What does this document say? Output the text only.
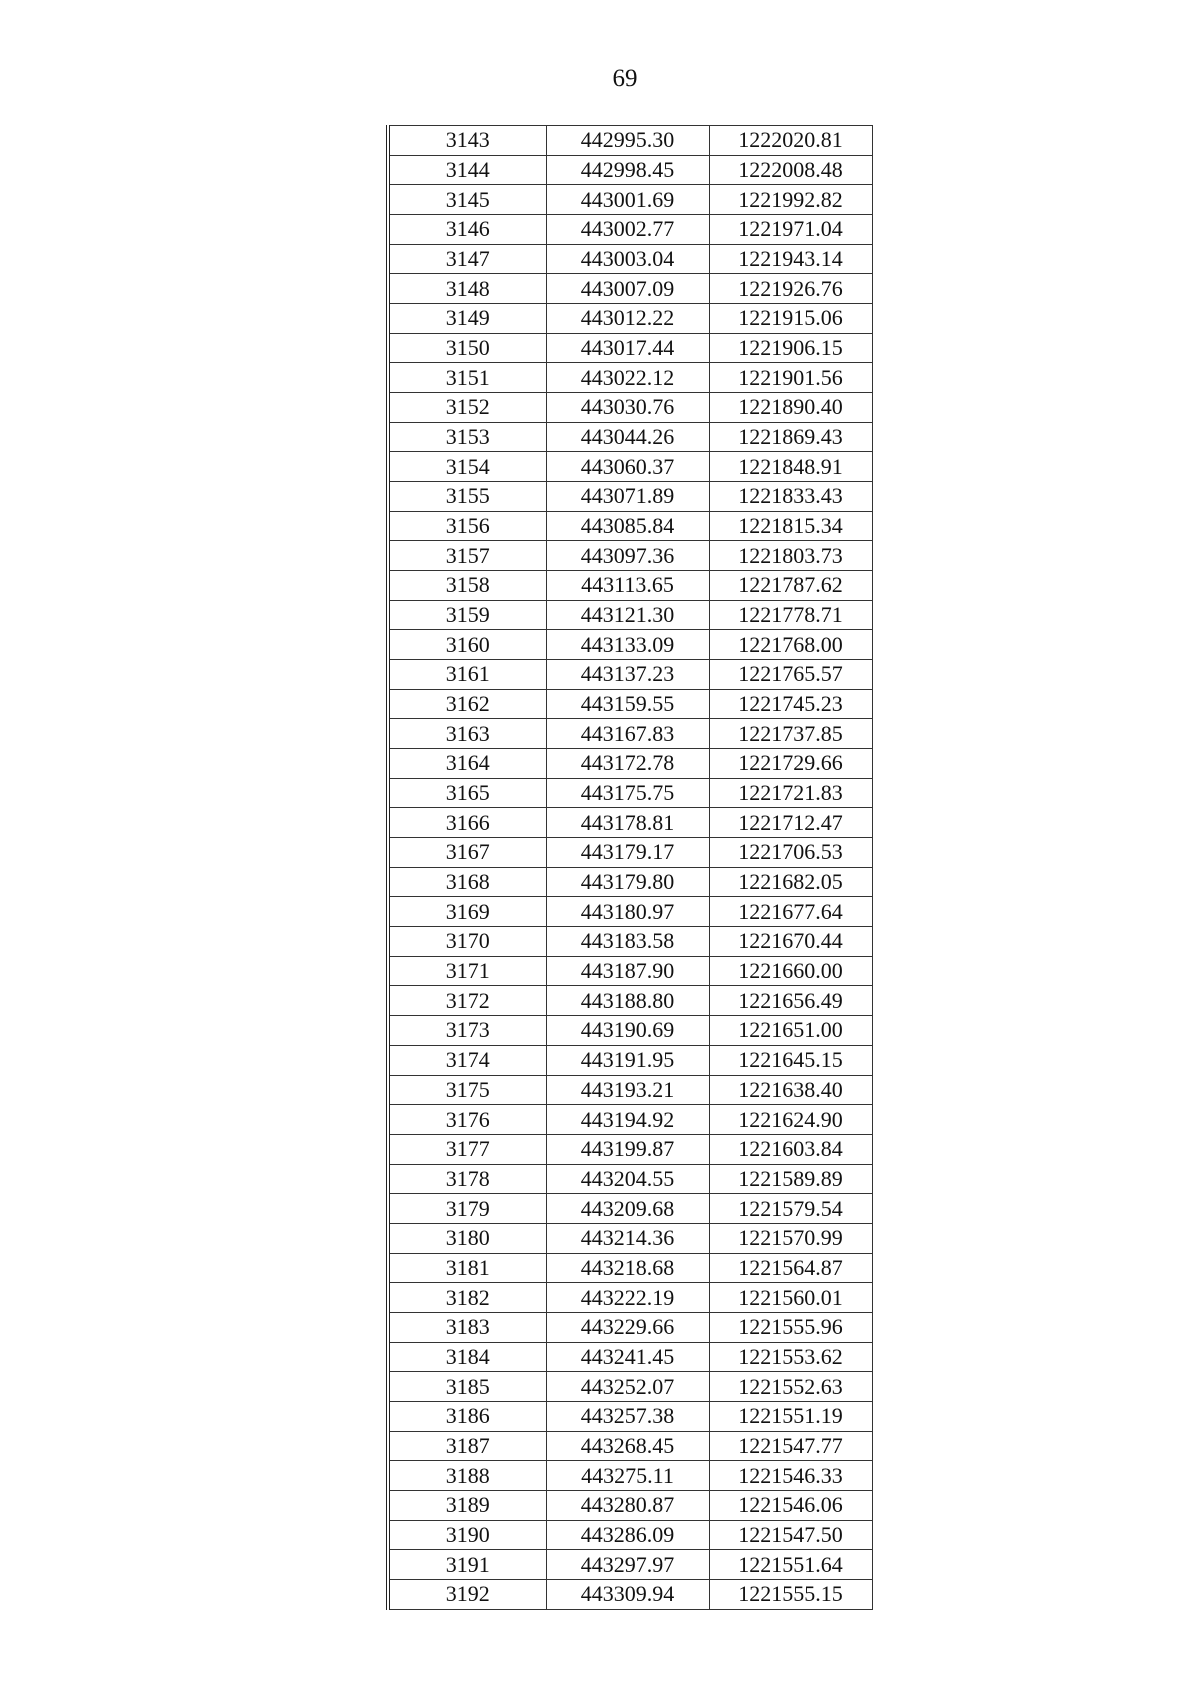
69
3143	442995.30	1222020.81
3144	442998.45	1222008.48
3145	443001.69	1221992.82
3146	443002.77	1221971.04
3147	443003.04	1221943.14
3148	443007.09	1221926.76
3149	443012.22	1221915.06
3150	443017.44	1221906.15
3151	443022.12	1221901.56
3152	443030.76	1221890.40
3153	443044.26	1221869.43
3154	443060.37	1221848.91
3155	443071.89	1221833.43
3156	443085.84	1221815.34
3157	443097.36	1221803.73
3158	443113.65	1221787.62
3159	443121.30	1221778.71
3160	443133.09	1221768.00
3161	443137.23	1221765.57
3162	443159.55	1221745.23
3163	443167.83	1221737.85
3164	443172.78	1221729.66
3165	443175.75	1221721.83
3166	443178.81	1221712.47
3167	443179.17	1221706.53
3168	443179.80	1221682.05
3169	443180.97	1221677.64
3170	443183.58	1221670.44
3171	443187.90	1221660.00
3172	443188.80	1221656.49
3173	443190.69	1221651.00
3174	443191.95	1221645.15
3175	443193.21	1221638.40
3176	443194.92	1221624.90
3177	443199.87	1221603.84
3178	443204.55	1221589.89
3179	443209.68	1221579.54
3180	443214.36	1221570.99
3181	443218.68	1221564.87
3182	443222.19	1221560.01
3183	443229.66	1221555.96
3184	443241.45	1221553.62
3185	443252.07	1221552.63
3186	443257.38	1221551.19
3187	443268.45	1221547.77
3188	443275.11	1221546.33
3189	443280.87	1221546.06
3190	443286.09	1221547.50
3191	443297.97	1221551.64
3192	443309.94	1221555.15
